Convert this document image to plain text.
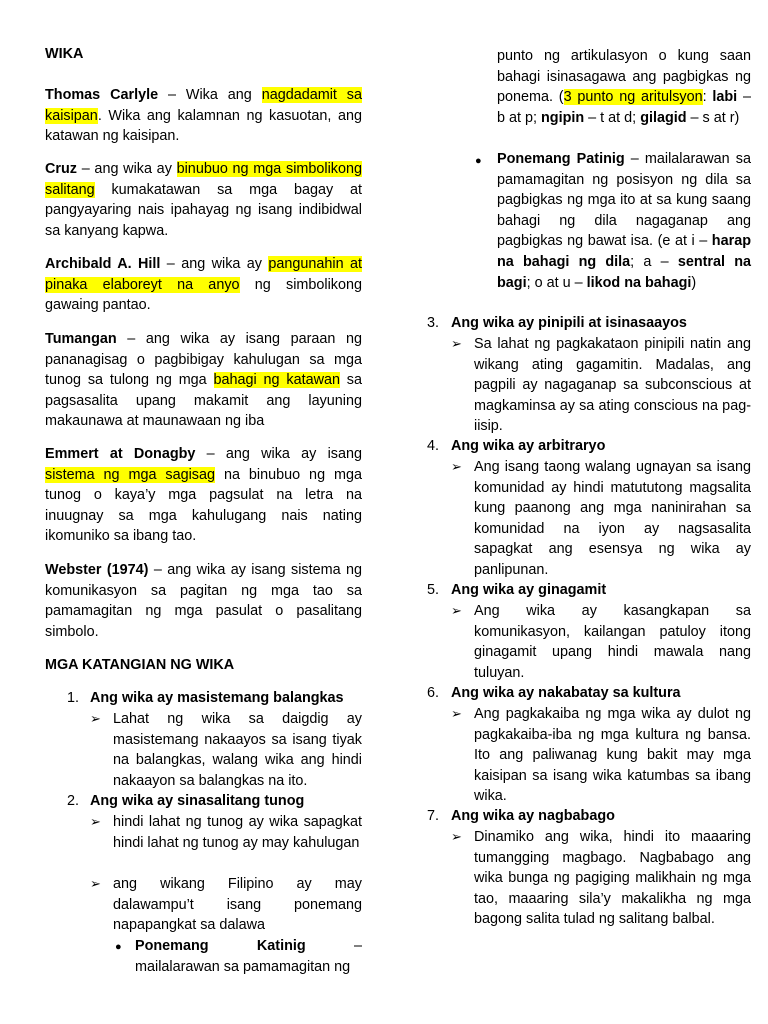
WIKA

Thomas Carlyle – Wika ang nagdadamit sa kaisipan. Wika ang kalamnan ng kasuotan, ang katawan ng kaisipan.

Cruz – ang wika ay binubuo ng mga simbolikong salitang kumakatawan sa mga bagay at pangyayaring nais ipahayag ng isang indibidwal sa kanyang kapwa.

Archibald A. Hill – ang wika ay pangunahin at pinaka elaboreyt na anyo ng simbolikong gawaing pantao.

Tumangan – ang wika ay isang paraan ng pananagisag o pagbibigay kahulugan sa mga tunog sa tulong ng mga bahagi ng katawan sa pagsasalita upang makamit ang layuning makaunawa at maunawaan ng iba

Emmert at Donagby – ang wika ay isang sistema ng mga sagisag na binubuo ng mga tunog o kaya’y mga pagsulat na letra na inuugnay sa mga kahulugang nais nating ikomuniko sa ibang tao.

Webster (1974) – ang wika ay isang sistema ng komunikasyon sa pagitan ng mga tao sa pamamagitan ng mga pasulat o pasalitang simbolo.

MGA KATANGIAN NG WIKA
1. Ang wika ay masistemang balangkas
➢ Lahat ng wika sa daigdig ay masistemang nakaayos sa isang tiyak na balangkas, walang wika ang hindi nakaayon sa balangkas na ito.

2. Ang wika ay sinasalitang tunog
➢ hindi lahat ng tunog ay wika sapagkat hindi lahat ng tunog ay may kahulugan

➢ ang wikang Filipino ay may dalawampu’t isang ponemang napapangkat sa dalawa

● Ponemang Katinig – mailalarawan sa pamamagitan ng

punto ng artikulasyon o kung saan bahagi isinasagawa ang pagbigkas ng ponema. (3 punto ng aritulsyon: labi – b at p; ngipin – t at d; gilagid – s at r)

● Ponemang Patinig – mailalarawan sa pamamagitan ng posisyon ng dila sa pagbigkas ng mga ito at sa kung saang bahagi ng dila nagaganap ang pagbigkas ng bawat isa. (e at i – harap na bahagi ng dila; a – sentral na bagi; o at u – likod na bahagi)

3. Ang wika ay pinipili at isinasaayos
➢ Sa lahat ng pagkakataon pinipili natin ang wikang ating gagamitin. Madalas, ang pagpili ay nagaganap sa subconscious at magkaminsa ay sa ating conscious na pag-iisip.

4. Ang wika ay arbitraryo
➢ Ang isang taong walang ugnayan sa isang komunidad ay hindi matututong magsalita kung paanong ang mga naninirahan sa komunidad na iyon ay nagsasalita sapagkat ang esensya ng wika ay panlipunan.

5. Ang wika ay ginagamit
➢ Ang wika ay kasangkapan sa komunikasyon, kailangan patuloy itong ginagamit upang hindi mawala nang tuluyan.

6. Ang wika ay nakabatay sa kultura
➢ Ang pagkakaiba ng mga wika ay dulot ng pagkakaiba-iba ng mga kultura ng bansa. Ito ang paliwanag kung bakit may mga kaisipan sa isang wika katumbas sa ibang wika.

7. Ang wika ay nagbabago
➢ Dinamiko ang wika, hindi ito maaaring tumangging magbago. Nagbabago ang wika bunga ng pagiging malikhain ng mga tao, maaaring sila’y makalikha ng mga bagong salita tulad ng salitang balbal.
